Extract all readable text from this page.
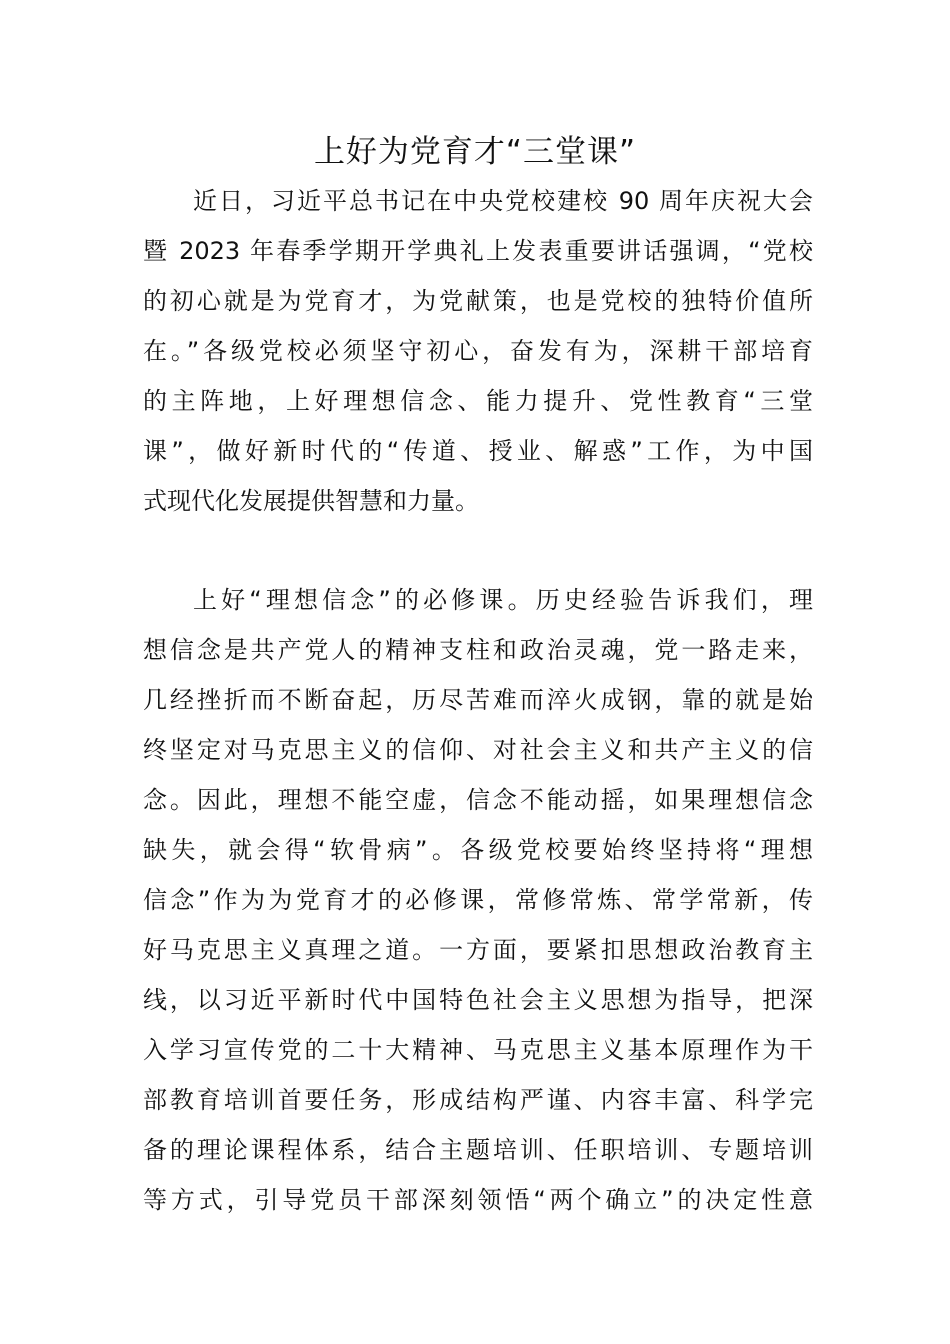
上好为党育才“三堂课”
近日，习近平总书记在中央党校建校 90 周年庆祝大会
暨 2023 年春季学期开学典礼上发表重要讲话强调，“党校
的初心就是为党育才，为党献策，也是党校的独特价值所
在。”各级党校必须坚守初心，奋发有为，深耕干部培育
的主阵地，上好理想信念、能力提升、党性教育“三堂
课”，做好新时代的“传道、授业、解惑”工作，为中国
式现代化发展提供智慧和力量。
上好“理想信念”的必修课。历史经验告诉我们，理
想信念是共产党人的精神支柱和政治灵魂，党一路走来，
几经挫折而不断奋起，历尽苦难而淬火成钢，靠的就是始
终坚定对马克思主义的信仰、对社会主义和共产主义的信
念。因此，理想不能空虚，信念不能动摇，如果理想信念
缺失，就会得“软骨病”。各级党校要始终坚持将“理想
信念”作为为党育才的必修课，常修常炼、常学常新，传
好马克思主义真理之道。一方面，要紧扣思想政治教育主
线，以习近平新时代中国特色社会主义思想为指导，把深
入学习宣传党的二十大精神、马克思主义基本原理作为干
部教育培训首要任务，形成结构严谨、内容丰富、科学完
备的理论课程体系，结合主题培训、任职培训、专题培训
等方式，引导党员干部深刻领悟“两个确立”的决定性意
